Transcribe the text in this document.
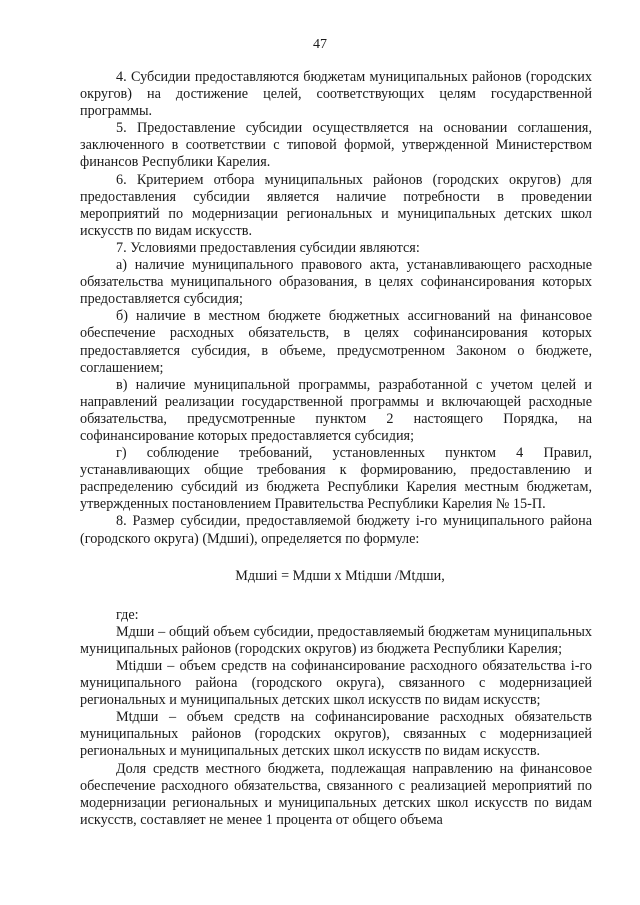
47

4. Субсидии предоставляются бюджетам муниципальных районов (городских округов) на достижение целей, соответствующих целям государственной программы.

5. Предоставление субсидии осуществляется на основании соглашения, заключенного в соответствии с типовой формой, утвержденной Министерством финансов Республики Карелия.

6. Критерием отбора муниципальных районов (городских округов) для предоставления субсидии является наличие потребности в проведении мероприятий по модернизации региональных и муниципальных детских школ искусств по видам искусств.

7. Условиями предоставления субсидии являются:

а) наличие муниципального правового акта, устанавливающего расходные обязательства муниципального образования, в целях софинансирования которых предоставляется субсидия;

б) наличие в местном бюджете бюджетных ассигнований на финансовое обеспечение расходных обязательств, в целях софинансирования которых предоставляется субсидия, в объеме, предусмотренном Законом о бюджете, соглашением;

в) наличие муниципальной программы, разработанной с учетом целей и направлений реализации государственной программы и включающей расходные обязательства, предусмотренные пунктом 2 настоящего Порядка, на софинансирование которых предоставляется субсидия;

г) соблюдение требований, установленных пунктом 4 Правил, устанавливающих общие требования к формированию, предоставлению и распределению субсидий из бюджета Республики Карелия местным бюджетам, утвержденных постановлением Правительства Республики Карелия № 15-П.

8. Размер субсидии, предоставляемой бюджету i-го муниципального района (городского округа) (Мдшиi), определяется по формуле:

Мдшиi = Мдши х Мtiдши /Мtдши,

где:

Мдши – общий объем субсидии, предоставляемый бюджетам муниципальных муниципальных районов (городских округов) из бюджета Республики Карелия;

Мtiдши – объем средств на софинансирование расходного обязательства i-го муниципального района (городского округа), связанного с модернизацией региональных и муниципальных детских школ искусств по видам искусств;

Мtдши – объем средств на софинансирование расходных обязательств муниципальных районов (городских округов), связанных с модернизацией региональных и муниципальных детских школ искусств по видам искусств.

Доля средств местного бюджета, подлежащая направлению на финансовое обеспечение расходного обязательства, связанного с реализацией мероприятий по модернизации региональных и муниципальных детских школ искусств по видам искусств, составляет не менее 1 процента от общего объема
